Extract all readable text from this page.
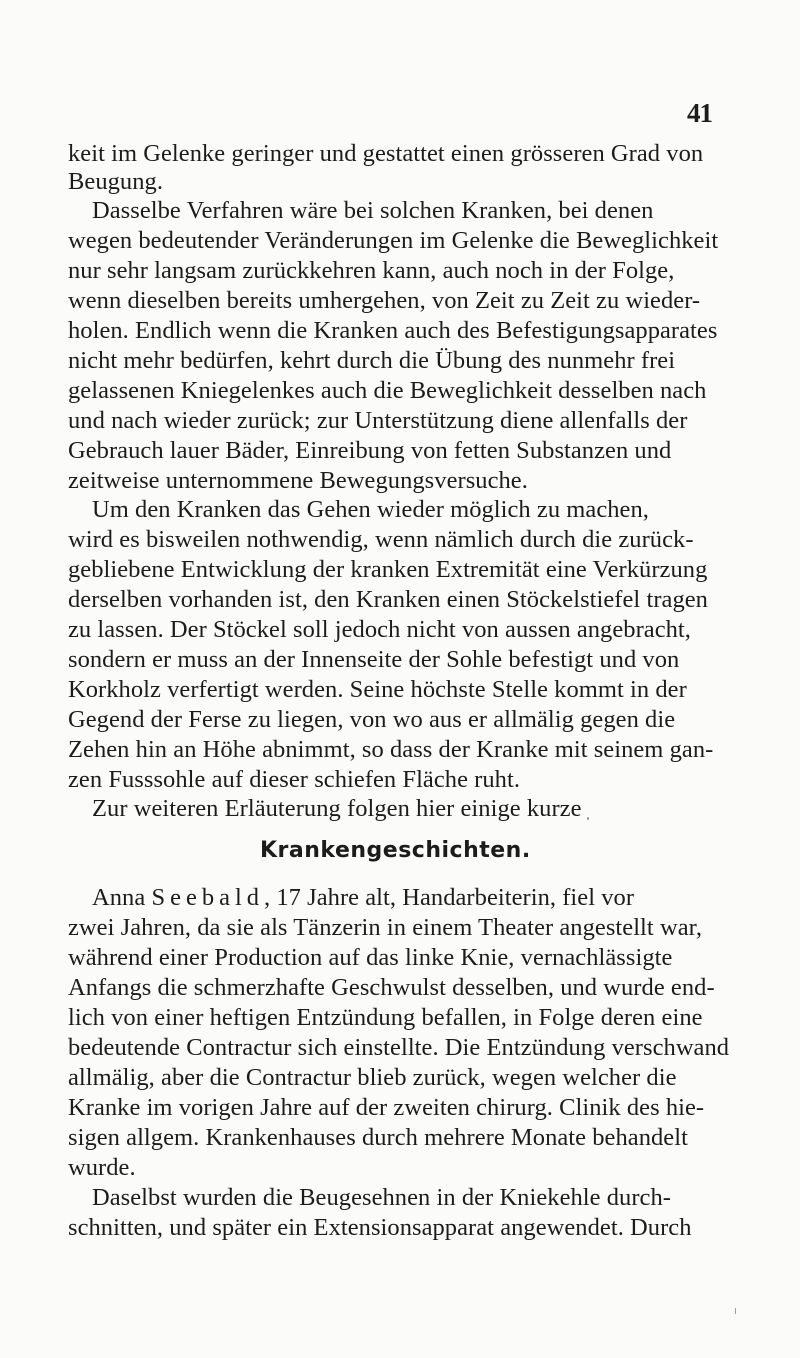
41
keit im Gelenke geringer und gestattet einen grösseren Grad von
Beugung.
Dasselbe Verfahren wäre bei solchen Kranken, bei denen
wegen bedeutender Veränderungen im Gelenke die Beweglichkeit
nur sehr langsam zurückkehren kann, auch noch in der Folge,
wenn dieselben bereits umhergehen, von Zeit zu Zeit zu wieder-
holen. Endlich wenn die Kranken auch des Befestigungsapparates
nicht mehr bedürfen, kehrt durch die Übung des nunmehr frei
gelassenen Kniegelenkes auch die Beweglichkeit desselben nach
und nach wieder zurück; zur Unterstützung diene allenfalls der
Gebrauch lauer Bäder, Einreibung von fetten Substanzen und
zeitweise unternommene Bewegungsversuche.
Um den Kranken das Gehen wieder möglich zu machen,
wird es bisweilen nothwendig, wenn nämlich durch die zurück-
gebliebene Entwicklung der kranken Extremität eine Verkürzung
derselben vorhanden ist, den Kranken einen Stöckelstiefel tragen
zu lassen. Der Stöckel soll jedoch nicht von aussen angebracht,
sondern er muss an der Innenseite der Sohle befestigt und von
Korkholz verfertigt werden. Seine höchste Stelle kommt in der
Gegend der Ferse zu liegen, von wo aus er allmälig gegen die
Zehen hin an Höhe abnimmt, so dass der Kranke mit seinem gan-
zen Fusssohle auf dieser schiefen Fläche ruht.
Zur weiteren Erläuterung folgen hier einige kurze
Krankengeschichten.
Anna Seebald, 17 Jahre alt, Handarbeiterin, fiel vor
zwei Jahren, da sie als Tänzerin in einem Theater angestellt war,
während einer Production auf das linke Knie, vernachlässigte
Anfangs die schmerzhafte Geschwulst desselben, und wurde end-
lich von einer heftigen Entzündung befallen, in Folge deren eine
bedeutende Contractur sich einstellte. Die Entzündung verschwand
allmälig, aber die Contractur blieb zurück, wegen welcher die
Kranke im vorigen Jahre auf der zweiten chirurg. Clinik des hie-
sigen allgem. Krankenhauses durch mehrere Monate behandelt
wurde.
Daselbst wurden die Beugesehnen in der Kniekehle durch-
schnitten, und später ein Extensionsapparat angewendet. Durch
